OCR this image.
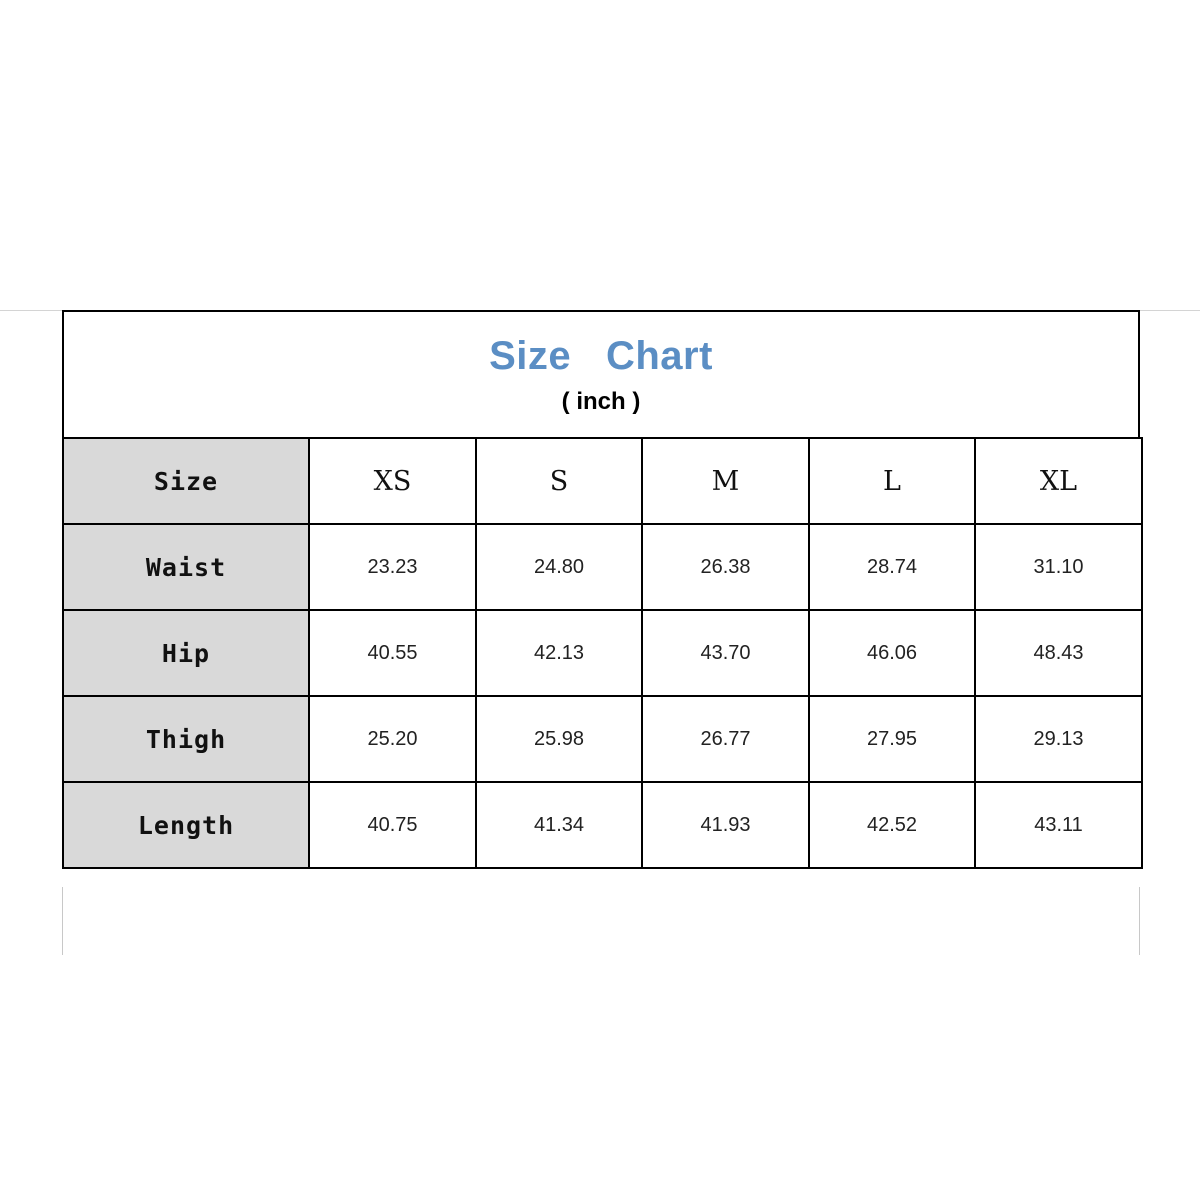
Size   Chart
( inch )
Size	XS	S	M	L	XL
Waist	23.23	24.80	26.38	28.74	31.10
Hip	40.55	42.13	43.70	46.06	48.43
Thigh	25.20	25.98	26.77	27.95	29.13
Length	40.75	41.34	41.93	42.52	43.11
